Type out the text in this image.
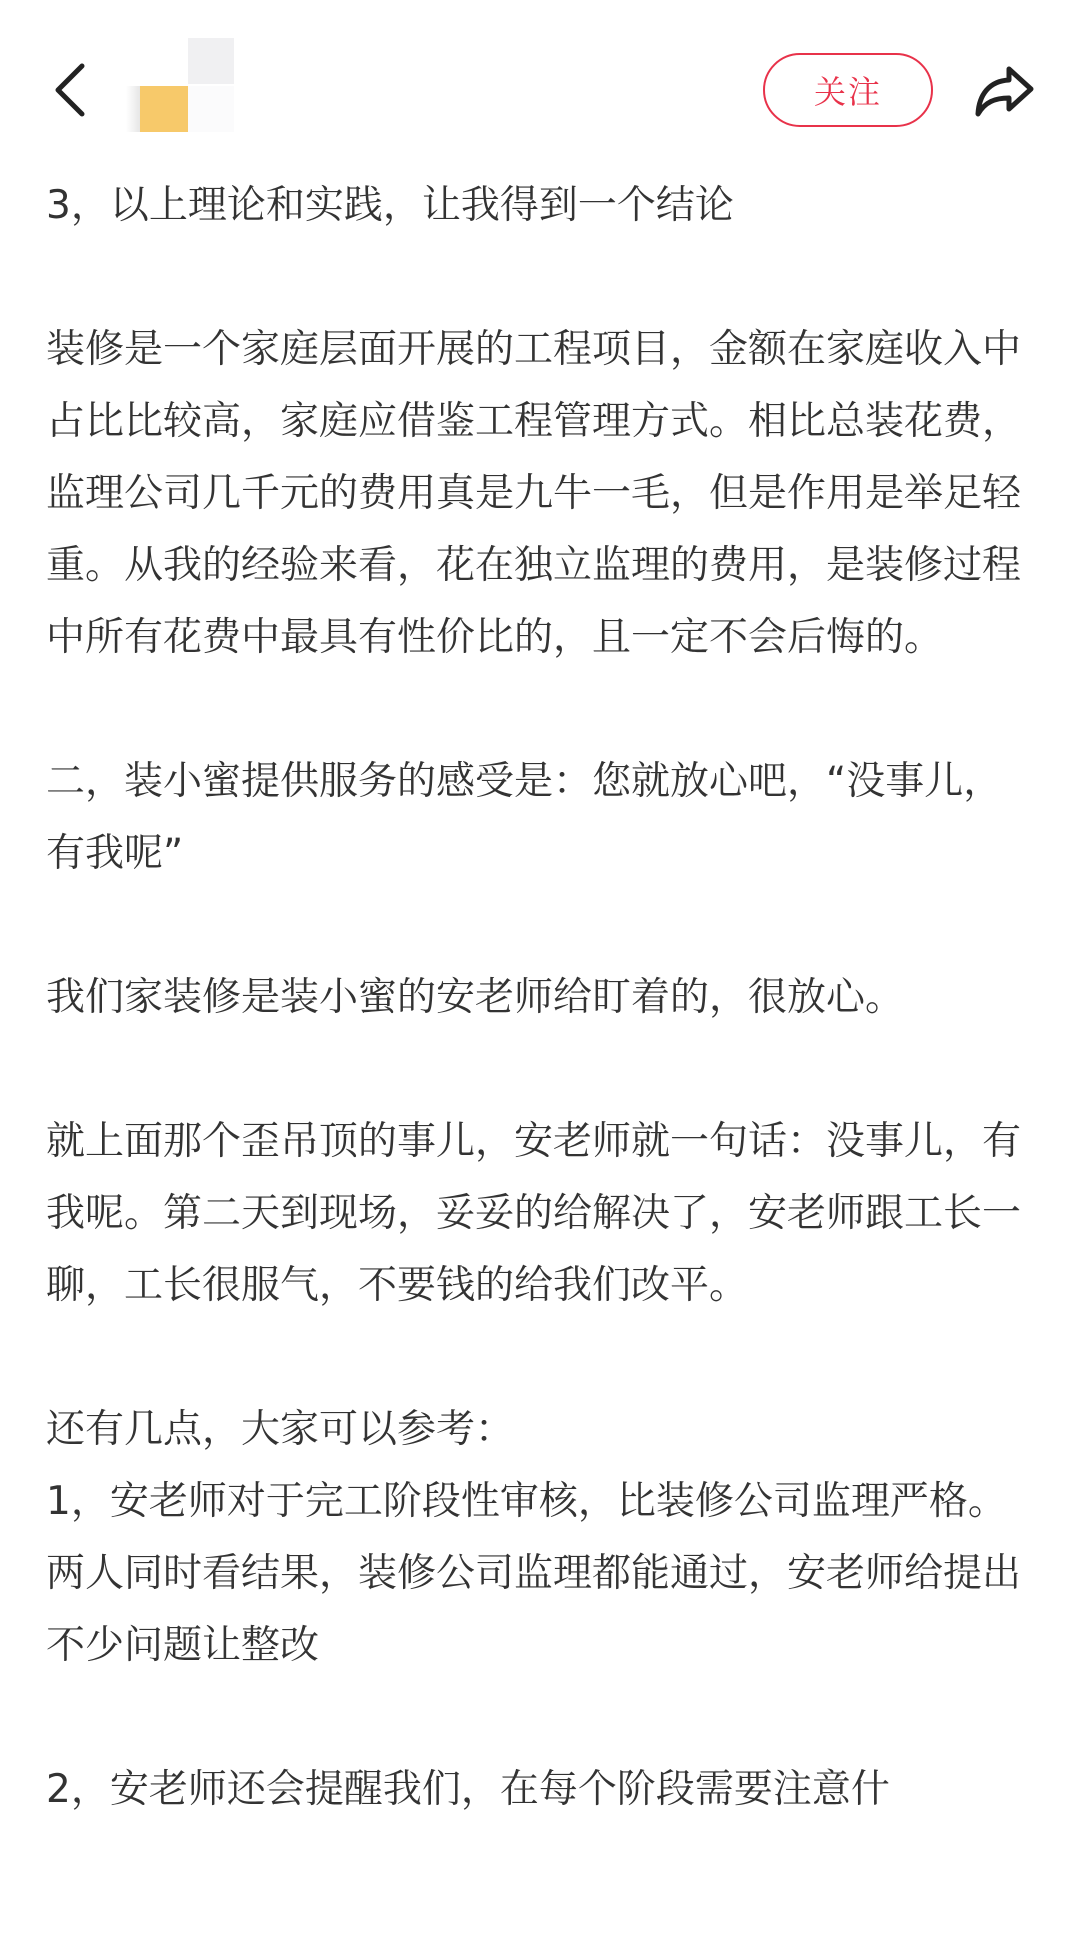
关注

3，以上理论和实践，让我得到一个结论

装修是一个家庭层面开展的工程项目，金额在家庭收入中占比比较高，家庭应借鉴工程管理方式。相比总装花费，监理公司几千元的费用真是九牛一毛，但是作用是举足轻重。从我的经验来看，花在独立监理的费用，是装修过程中所有花费中最具有性价比的，且一定不会后悔的。

二，装小蜜提供服务的感受是：您就放心吧，“没事儿，有我呢”

我们家装修是装小蜜的安老师给盯着的，很放心。

就上面那个歪吊顶的事儿，安老师就一句话：没事儿，有我呢。第二天到现场，妥妥的给解决了，安老师跟工长一聊，工长很服气，不要钱的给我们改平。

还有几点，大家可以参考：

1，安老师对于完工阶段性审核，比装修公司监理严格。两人同时看结果，装修公司监理都能通过，安老师给提出不少问题让整改

2，安老师还会提醒我们，在每个阶段需要注意什
